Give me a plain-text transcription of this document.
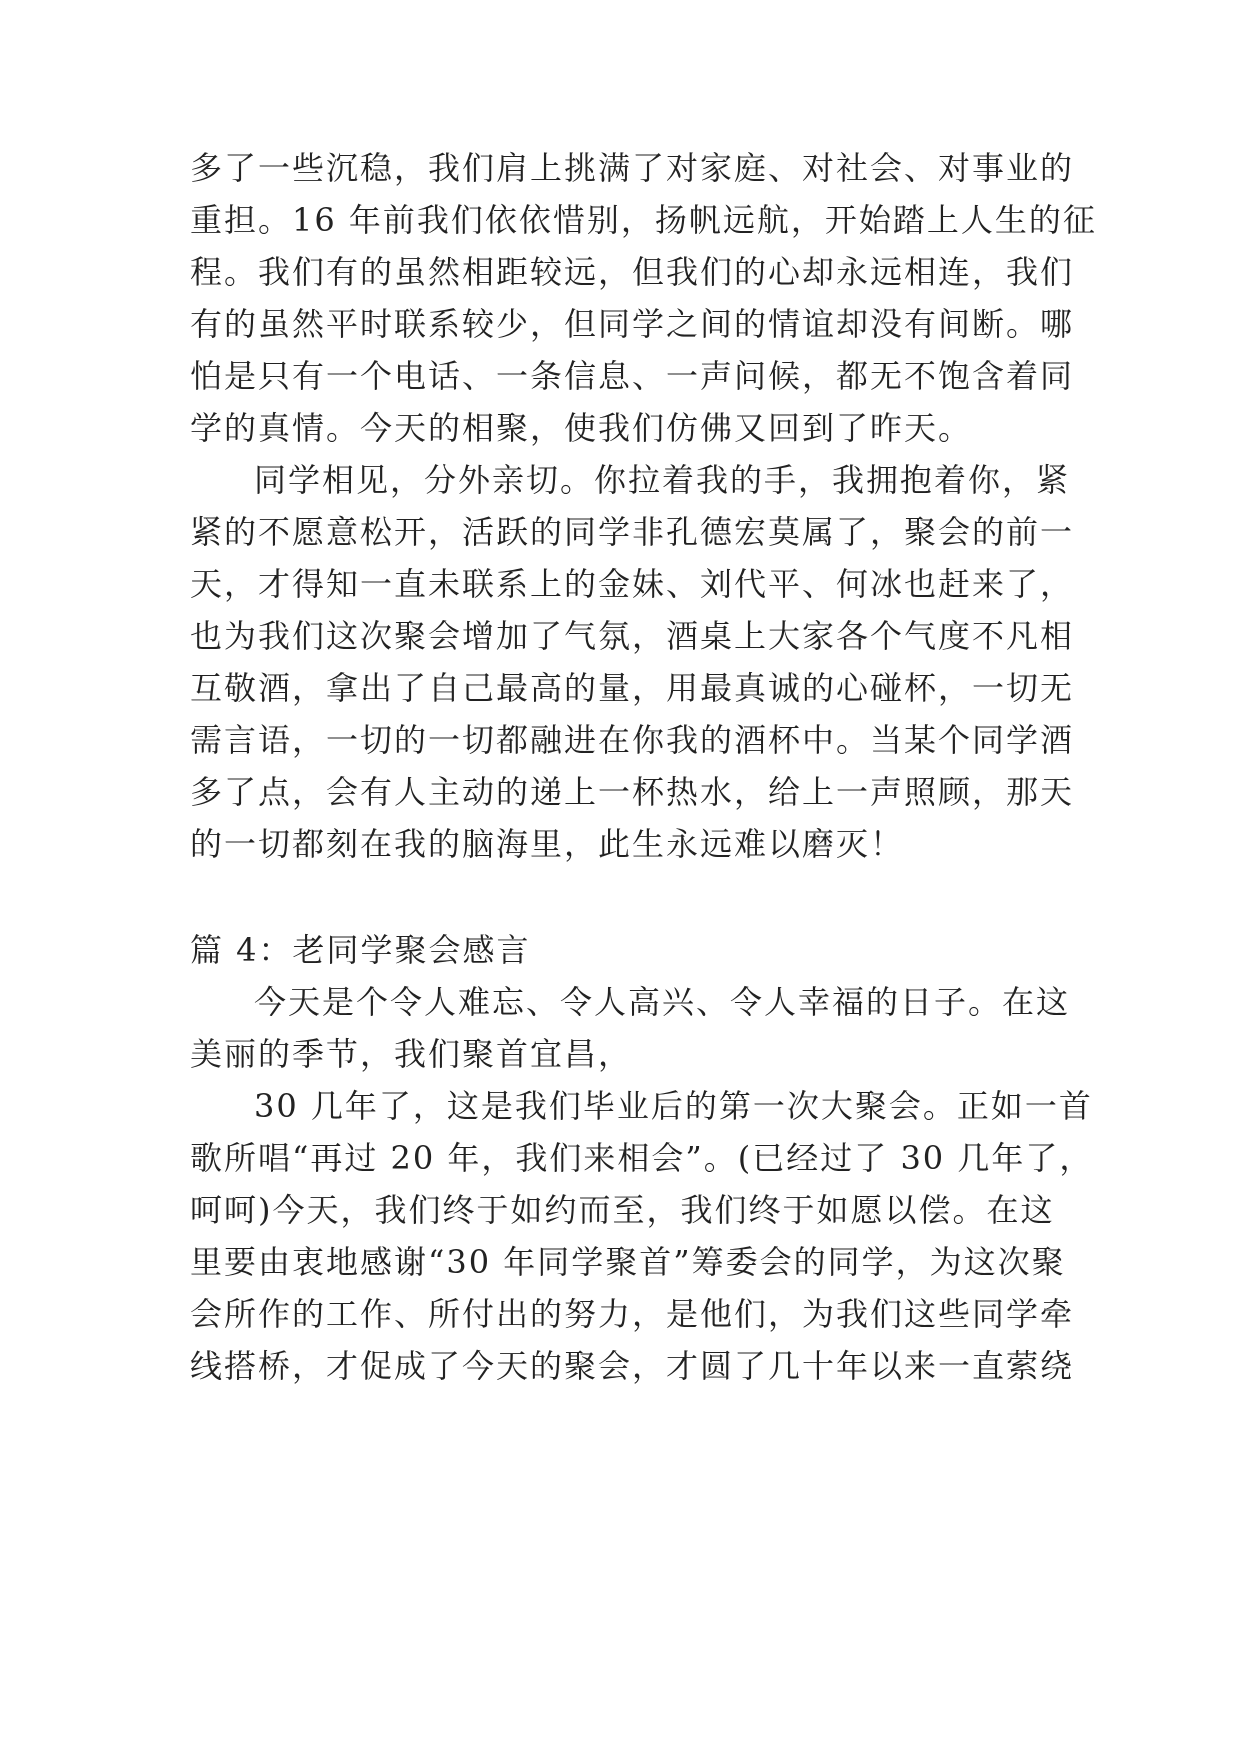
多了一些沉稳，我们肩上挑满了对家庭、对社会、对事业的
重担。16 年前我们依依惜别，扬帆远航，开始踏上人生的征
程。我们有的虽然相距较远，但我们的心却永远相连，我们
有的虽然平时联系较少，但同学之间的情谊却没有间断。哪
怕是只有一个电话、一条信息、一声问候，都无不饱含着同
学的真情。今天的相聚，使我们仿佛又回到了昨天。
同学相见，分外亲切。你拉着我的手，我拥抱着你，紧
紧的不愿意松开，活跃的同学非孔德宏莫属了，聚会的前一
天，才得知一直未联系上的金妹、刘代平、何冰也赶来了，
也为我们这次聚会增加了气氛，酒桌上大家各个气度不凡相
互敬酒，拿出了自己最高的量，用最真诚的心碰杯，一切无
需言语，一切的一切都融进在你我的酒杯中。当某个同学酒
多了点，会有人主动的递上一杯热水，给上一声照顾，那天
的一切都刻在我的脑海里，此生永远难以磨灭！
篇 4：老同学聚会感言
今天是个令人难忘、令人高兴、令人幸福的日子。在这
美丽的季节，我们聚首宜昌，
30 几年了，这是我们毕业后的第一次大聚会。正如一首
歌所唱“再过 20 年，我们来相会”。(已经过了 30 几年了，
呵呵)今天，我们终于如约而至，我们终于如愿以偿。在这
里要由衷地感谢“30 年同学聚首”筹委会的同学，为这次聚
会所作的工作、所付出的努力，是他们，为我们这些同学牵
线搭桥，才促成了今天的聚会，才圆了几十年以来一直萦绕
